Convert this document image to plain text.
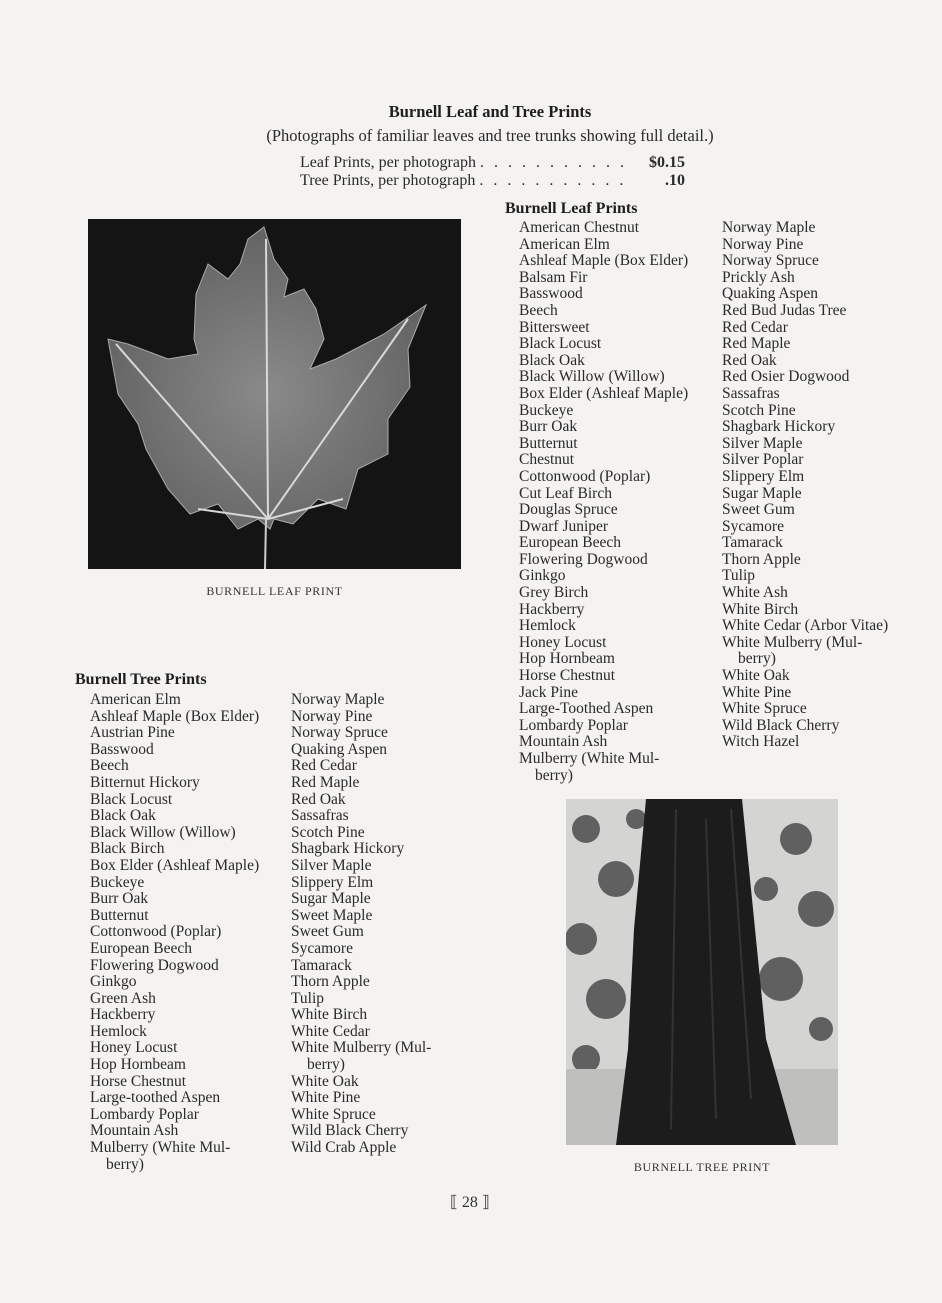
Burnell Leaf and Tree Prints
(Photographs of familiar leaves and tree trunks showing full detail.)
Leaf Prints, per photograph . . . . . . . . . . .	$0.15
Tree Prints, per photograph . . . . . . . . . . .	.10
BURNELL LEAF PRINT
Burnell Leaf Prints
American Chestnut
American Elm
Ashleaf Maple (Box Elder)
Balsam Fir
Basswood
Beech
Bittersweet
Black Locust
Black Oak
Black Willow (Willow)
Box Elder (Ashleaf Maple)
Buckeye
Burr Oak
Butternut
Chestnut
Cottonwood (Poplar)
Cut Leaf Birch
Douglas Spruce
Dwarf Juniper
European Beech
Flowering Dogwood
Ginkgo
Grey Birch
Hackberry
Hemlock
Honey Locust
Hop Hornbeam
Horse Chestnut
Jack Pine
Large-Toothed Aspen
Lombardy Poplar
Mountain Ash
Mulberry (White Mul-
berry)
Norway Maple
Norway Pine
Norway Spruce
Prickly Ash
Quaking Aspen
Red Bud Judas Tree
Red Cedar
Red Maple
Red Oak
Red Osier Dogwood
Sassafras
Scotch Pine
Shagbark Hickory
Silver Maple
Silver Poplar
Slippery Elm
Sugar Maple
Sweet Gum
Sycamore
Tamarack
Thorn Apple
Tulip
White Ash
White Birch
White Cedar (Arbor Vitae)
White Mulberry (Mul-
berry)
White Oak
White Pine
White Spruce
Wild Black Cherry
Witch Hazel
Burnell Tree Prints
American Elm
Ashleaf Maple (Box Elder)
Austrian Pine
Basswood
Beech
Bitternut Hickory
Black Locust
Black Oak
Black Willow (Willow)
Black Birch
Box Elder (Ashleaf Maple)
Buckeye
Burr Oak
Butternut
Cottonwood (Poplar)
European Beech
Flowering Dogwood
Ginkgo
Green Ash
Hackberry
Hemlock
Honey Locust
Hop Hornbeam
Horse Chestnut
Large-toothed Aspen
Lombardy Poplar
Mountain Ash
Mulberry (White Mul-
berry)
Norway Maple
Norway Pine
Norway Spruce
Quaking Aspen
Red Cedar
Red Maple
Red Oak
Sassafras
Scotch Pine
Shagbark Hickory
Silver Maple
Slippery Elm
Sugar Maple
Sweet Maple
Sweet Gum
Sycamore
Tamarack
Thorn Apple
Tulip
White Birch
White Cedar
White Mulberry (Mul-
berry)
White Oak
White Pine
White Spruce
Wild Black Cherry
Wild Crab Apple
BURNELL TREE PRINT
⟦ 28 ⟧
